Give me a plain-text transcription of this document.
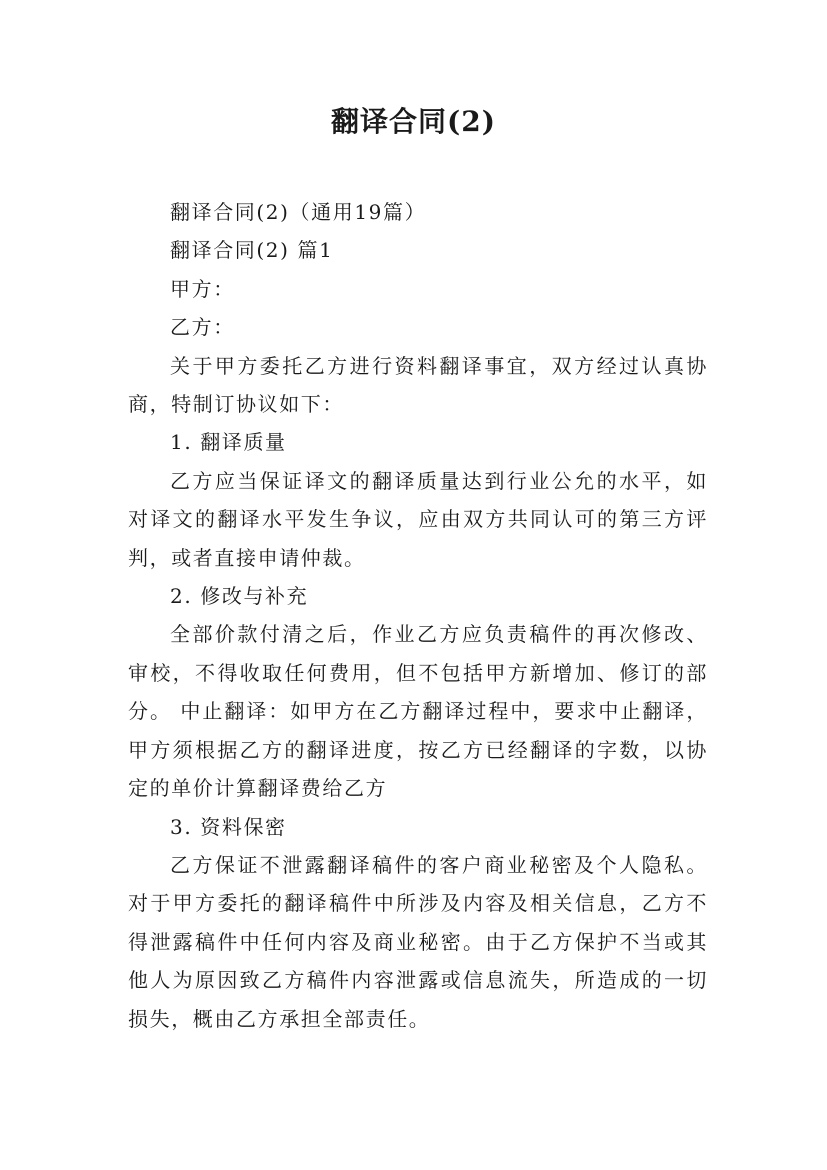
翻译合同(2)

翻译合同(2)（通用19篇）

翻译合同(2) 篇1

甲方：

乙方：

关于甲方委托乙方进行资料翻译事宜，双方经过认真协商，特制订协议如下：

1. 翻译质量

乙方应当保证译文的翻译质量达到行业公允的水平，如对译文的翻译水平发生争议，应由双方共同认可的第三方评判，或者直接申请仲裁。

2. 修改与补充

全部价款付清之后，作业乙方应负责稿件的再次修改、审校，不得收取任何费用，但不包括甲方新增加、修订的部分。 中止翻译：如甲方在乙方翻译过程中，要求中止翻译，甲方须根据乙方的翻译进度，按乙方已经翻译的字数，以协定的单价计算翻译费给乙方

3. 资料保密

乙方保证不泄露翻译稿件的客户商业秘密及个人隐私。对于甲方委托的翻译稿件中所涉及内容及相关信息，乙方不得泄露稿件中任何内容及商业秘密。由于乙方保护不当或其他人为原因致乙方稿件内容泄露或信息流失，所造成的一切损失，概由乙方承担全部责任。
